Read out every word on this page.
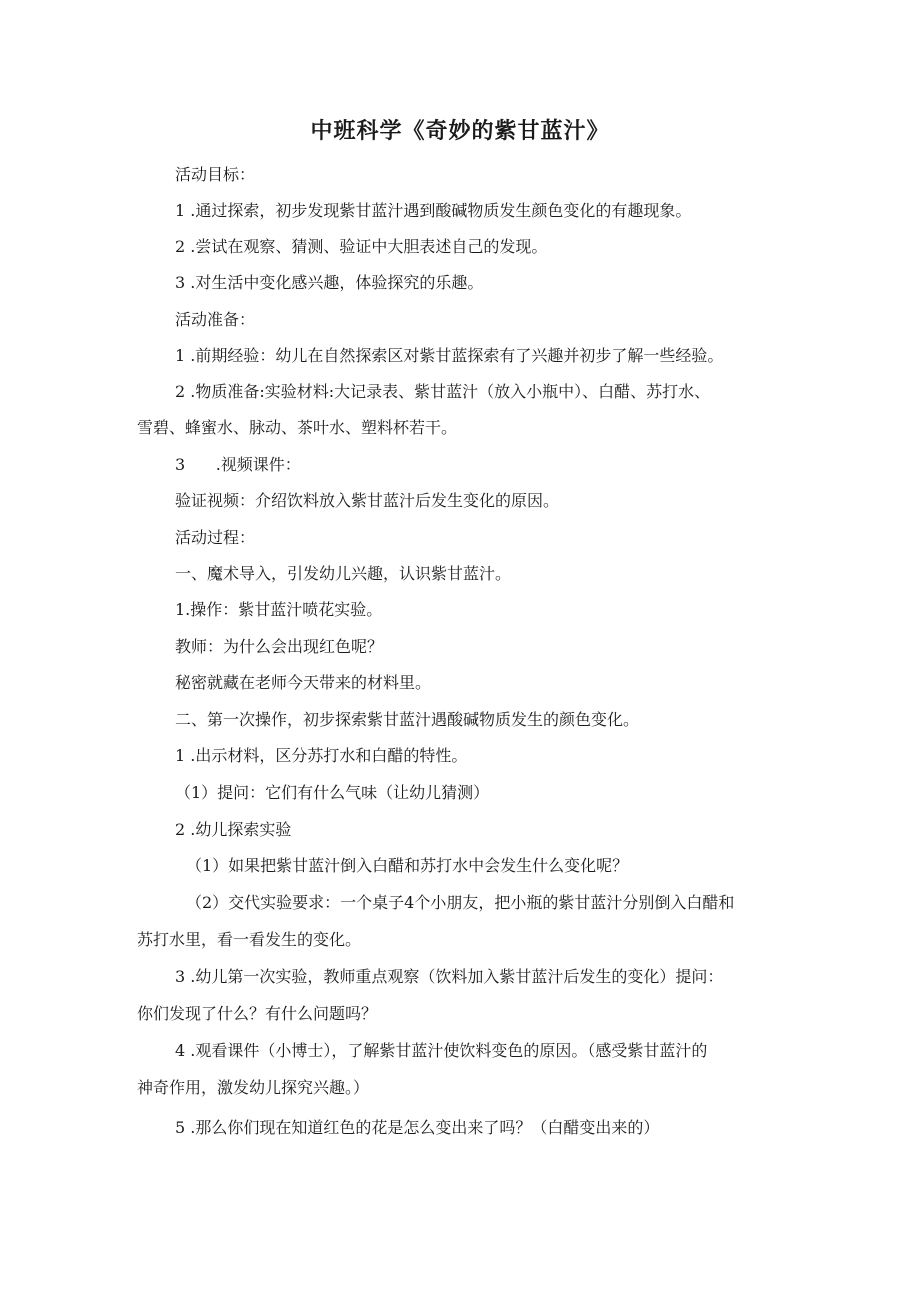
中班科学《奇妙的紫甘蓝汁》
活动目标：
1 .通过探索，初步发现紫甘蓝汁遇到酸碱物质发生颜色变化的有趣现象。
2 .尝试在观察、猜测、验证中大胆表述自己的发现。
3 .对生活中变化感兴趣，体验探究的乐趣。
活动准备：
1 .前期经验：幼儿在自然探索区对紫甘蓝探索有了兴趣并初步了解一些经验。
2 .物质准备:实验材料:大记录表、紫甘蓝汁（放入小瓶中）、白醋、苏打水、
雪碧、蜂蜜水、脉动、茶叶水、塑料杯若干。
3      .视频课件：
验证视频：介绍饮料放入紫甘蓝汁后发生变化的原因。
活动过程：
一、魔术导入，引发幼儿兴趣，认识紫甘蓝汁。
1.操作：紫甘蓝汁喷花实验。
教师：为什么会出现红色呢？
秘密就藏在老师今天带来的材料里。
二、第一次操作，初步探索紫甘蓝汁遇酸碱物质发生的颜色变化。
1 .出示材料，区分苏打水和白醋的特性。
（1）提问：它们有什么气味（让幼儿猜测）
2 .幼儿探索实验
（1）如果把紫甘蓝汁倒入白醋和苏打水中会发生什么变化呢？
（2）交代实验要求：一个桌子4个小朋友，把小瓶的紫甘蓝汁分别倒入白醋和
苏打水里，看一看发生的变化。
3 .幼儿第一次实验，教师重点观察（饮料加入紫甘蓝汁后发生的变化）提问：
你们发现了什么？有什么问题吗？
4 .观看课件（小博士），了解紫甘蓝汁使饮料变色的原因。（感受紫甘蓝汁的
神奇作用，激发幼儿探究兴趣。）
5 .那么你们现在知道红色的花是怎么变出来了吗？（白醋变出来的）
